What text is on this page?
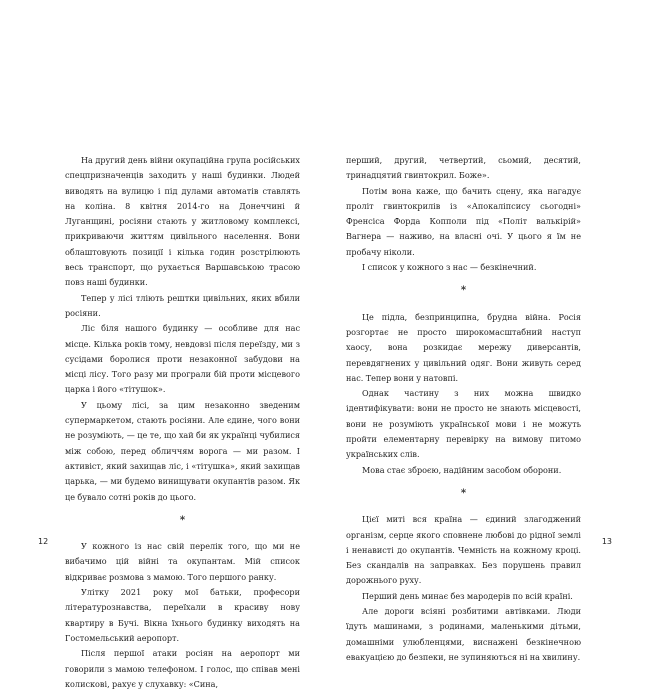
На другий день війни окупаційна група російських спецпризначенців заходить у наші будинки. Людей виводять на вулицю і під дулами автоматів ставлять на коліна. 8 квітня 2014-го на Донеччині й Луганщині, росіяни стають у житловому комплексі, прикриваючи життям цивільного населення. Вони облаштовують позиції і кілька годин розстрілюють весь транспорт, що рухається Варшавською трасою повз наші будинки.

Тепер у лісі тліють рештки цивільних, яких вбили росіяни.

Ліс біля нашого будинку — особливе для нас місце. Кілька років тому, невдовзі після переїзду, ми з сусідами боролися проти незаконної забудови на місці лісу. Того разу ми програли бій проти місцевого царка і його «тітушок».

У цьому лісі, за цим незаконно зведеним супермаркетом, стають росіяни. Але єдине, чого вони не розуміють, — це те, що хай би як українці чубилися між собою, перед обличчям ворога — ми разом. І активіст, який захищав ліс, і «тітушка», який захищав царька, — ми будемо винищувати окупантів разом. Як це бувало сотні років до цього.

*

У кожного із нас свій перелік того, що ми не вибачимо цій війні та окупантам. Мій список відкриває розмова з мамою. Того першого ранку.

Улітку 2021 року мої батьки, професори літературознавства, переїхали в красиву нову квартиру в Бучі. Вікна їхнього будинку виходять на Гостомельський аеропорт.

Після першої атаки росіян на аеропорт ми говорили з мамою телефоном. І голос, що співав мені колискові, рахує у слухавку: «Сина,

перший, другий, четвертий, сьомий, десятий, тринадцятий гвинтокрил. Боже».

Потім вона каже, що бачить сцену, яка нагадує проліт гвинтокрилів із «Апокаліпсису сьогодні» Френсіса Форда Копполи під «Політ валькірій» Вагнера — наживо, на власні очі. У цього я їм не пробачу ніколи.

І список у кожного з нас — безкінечний.

*

Це підла, безпринципна, брудна війна. Росія розгортає не просто широкомасштабний наступ хаосу, вона розкидає мережу диверсантів, перевдягнених у цивільний одяг. Вони живуть серед нас. Тепер вони у натовпі.

Однак частину з них можна швидко ідентифікувати: вони не просто не знають місцевості, вони не розуміють української мови і не можуть пройти елементарну перевірку на вимову питомо українських слів.

Мова стає зброєю, надійним засобом оборони.

*

Цієї миті вся країна — єдиний злагоджений організм, серце якого сповнене любові до рідної землі і ненависті до окупантів. Чемність на кожному кроці. Без скандалів на заправках. Без порушень правил дорожнього руху.

Перший день минає без мародерів по всій країні.

Але дороги всіяні розбитими автівками. Люди їдуть машинами, з родинами, маленькими дітьми, домашніми улюбленцями, виснажені безкінечною евакуацією до безпеки, не зупиняються ні на хвилину.

12	13
